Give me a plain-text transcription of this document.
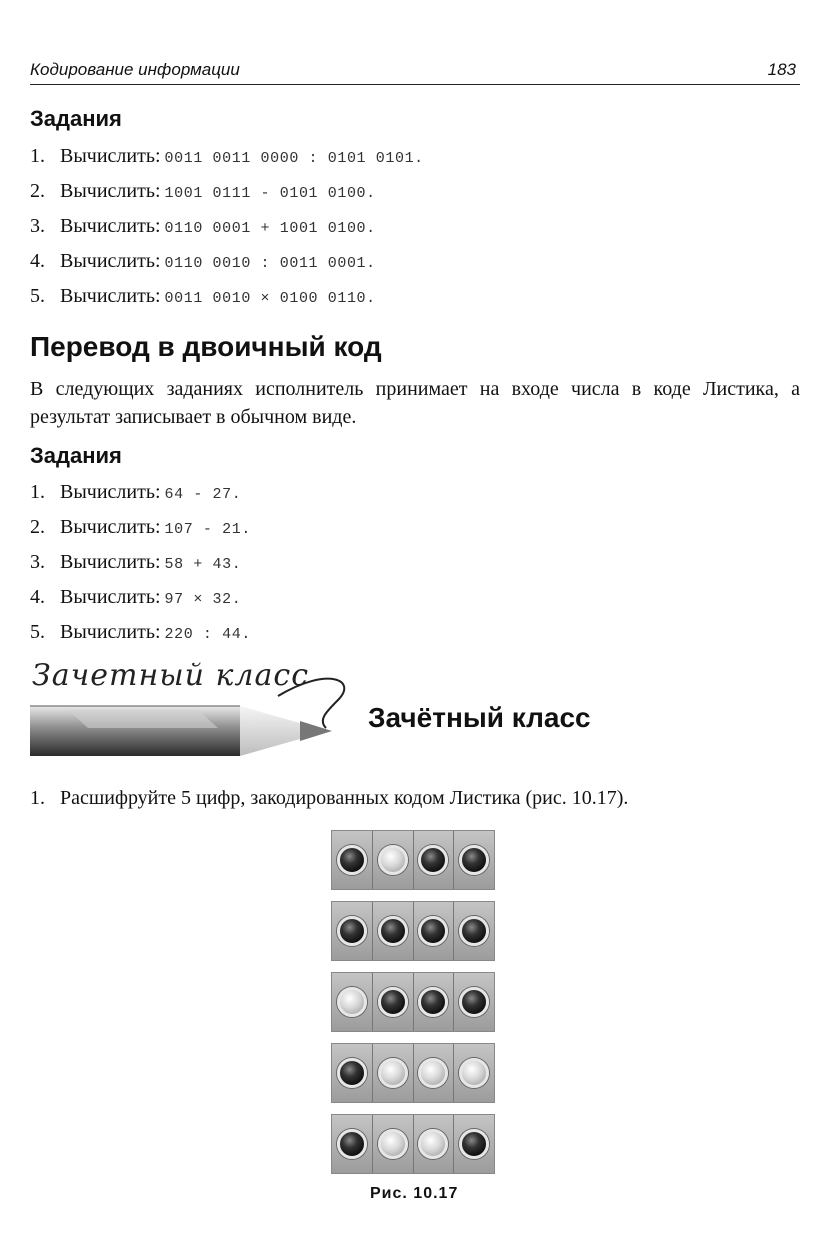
Кодирование информации	183
Задания
1. Вычислить: 0011 0011 0000 : 0101 0101.
2. Вычислить: 1001 0111 - 0101 0100.
3. Вычислить: 0110 0001 + 1001 0100.
4. Вычислить: 0110 0010 : 0011 0001.
5. Вычислить: 0011 0010 × 0100 0110.
Перевод в двоичный код
В следующих заданиях исполнитель принимает на входе числа в коде Листика, а результат записывает в обычном виде.
Задания
1. Вычислить: 64 - 27.
2. Вычислить: 107 - 21.
3. Вычислить: 58 + 43.
4. Вычислить: 97 × 32.
5. Вычислить: 220 : 44.
Зачетный класс
Зачётный класс
1. Расшифруйте 5 цифр, закодированных кодом Листика (рис. 10.17).
Рис. 10.17
